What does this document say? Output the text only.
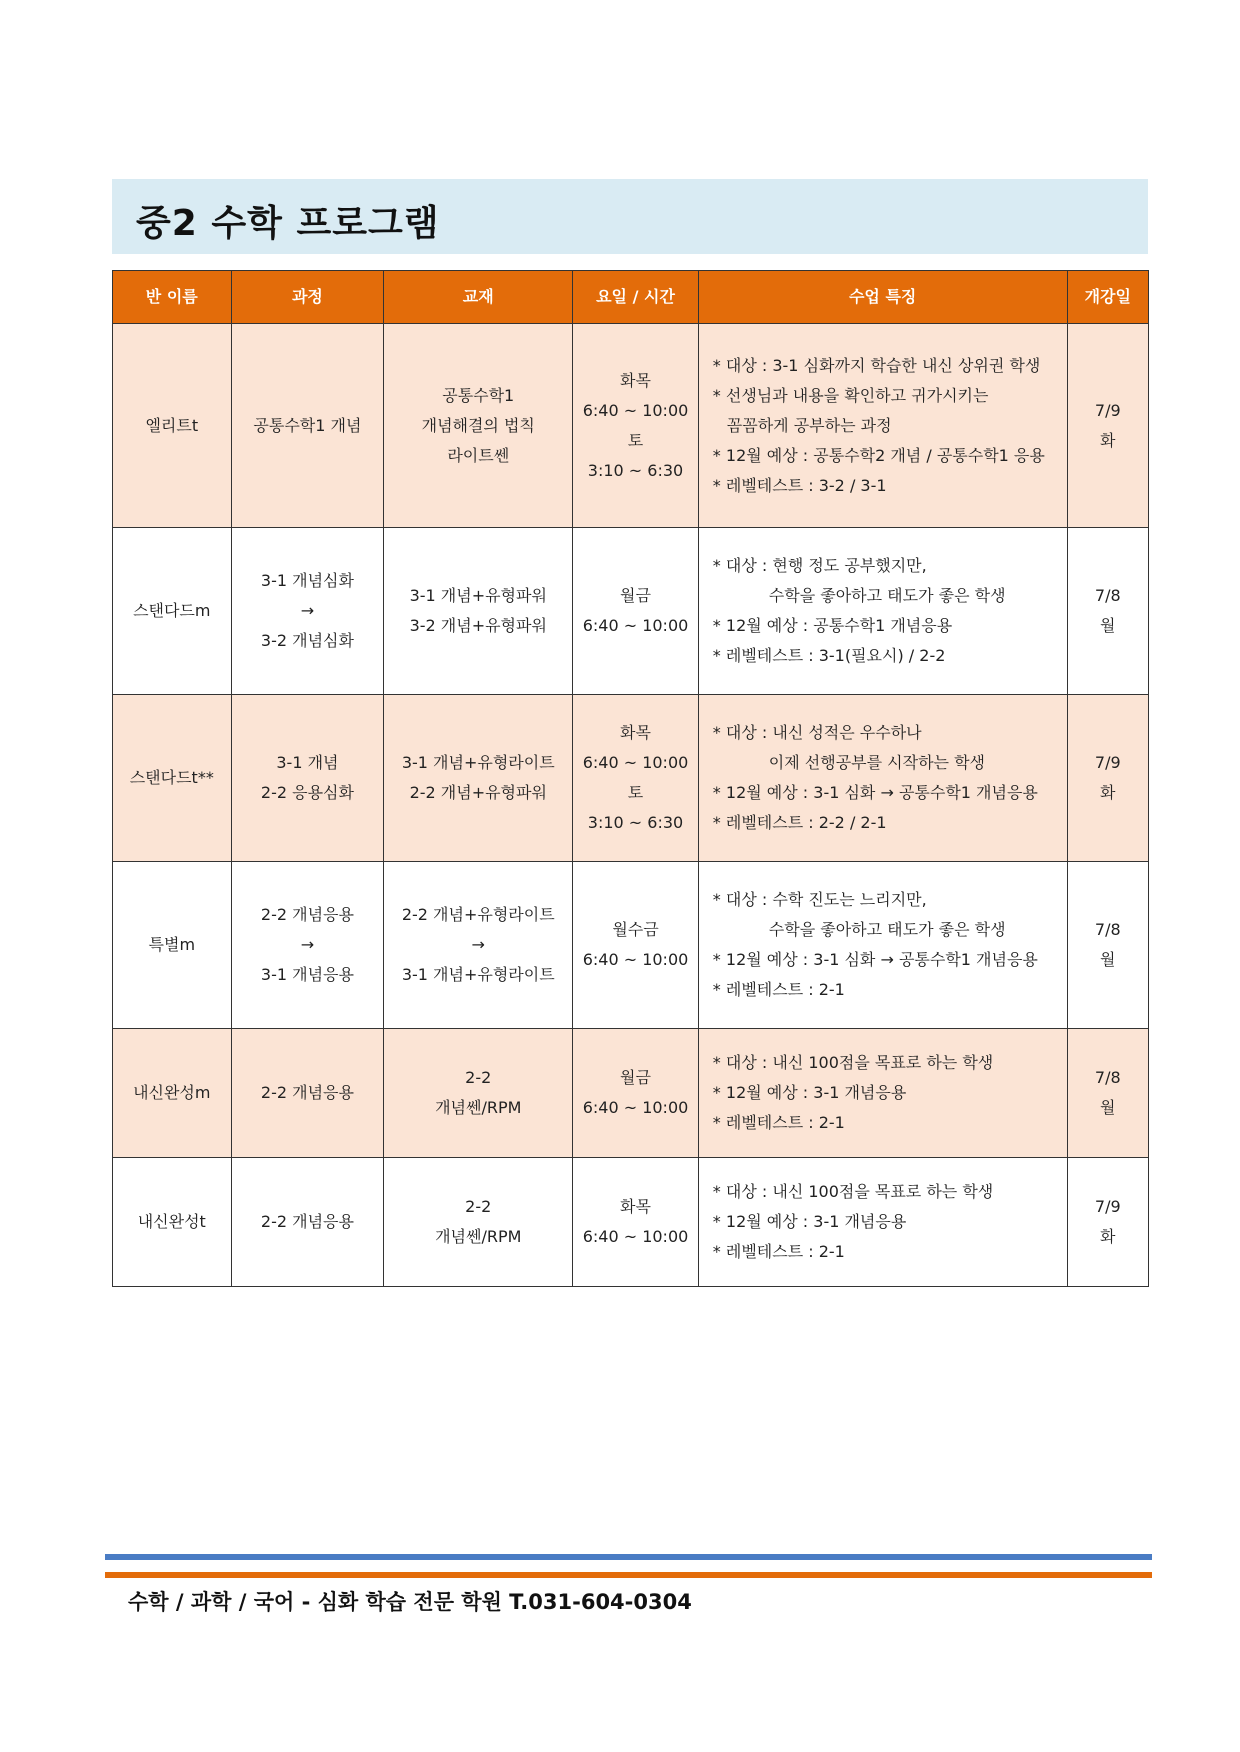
중2 수학 프로그램
반 이름	과정	교재	요일 / 시간	수업 특징	개강일

엘리트t	공통수학1 개념	공통수학1
개념해결의 법칙
라이트쎈	화목
6:40 ~ 10:00
토
3:10 ~ 6:30	* 대상 : 3-1 심화까지 학습한 내신 상위권 학생
* 선생님과 내용을 확인하고 귀가시키는
꼼꼼하게 공부하는 과정
* 12월 예상 : 공통수학2 개념 / 공통수학1 응용
* 레벨테스트 : 3-2 / 3-1	7/9
화

스탠다드m	3-1 개념심화
→
3-2 개념심화	3-1 개념+유형파워
3-2 개념+유형파워	월금
6:40 ~ 10:00	* 대상 : 현행 정도 공부했지만,
수학을 좋아하고 태도가 좋은 학생
* 12월 예상 : 공통수학1 개념응용
* 레벨테스트 : 3-1(필요시) / 2-2	7/8
월

스탠다드t**	3-1 개념
2-2 응용심화	3-1 개념+유형라이트
2-2 개념+유형파워	화목
6:40 ~ 10:00
토
3:10 ~ 6:30	* 대상 : 내신 성적은 우수하나
이제 선행공부를 시작하는 학생
* 12월 예상 : 3-1 심화 → 공통수학1 개념응용
* 레벨테스트 : 2-2 / 2-1	7/9
화

특별m	2-2 개념응용
→
3-1 개념응용	2-2 개념+유형라이트
→
3-1 개념+유형라이트	월수금
6:40 ~ 10:00	* 대상 : 수학 진도는 느리지만,
수학을 좋아하고 태도가 좋은 학생
* 12월 예상 : 3-1 심화 → 공통수학1 개념응용
* 레벨테스트 : 2-1	7/8
월

내신완성m	2-2 개념응용	2-2
개념쎈/RPM	월금
6:40 ~ 10:00	* 대상 : 내신 100점을 목표로 하는 학생
* 12월 예상 : 3-1 개념응용
* 레벨테스트 : 2-1	7/8
월

내신완성t	2-2 개념응용	2-2
개념쎈/RPM	화목
6:40 ~ 10:00	* 대상 : 내신 100점을 목표로 하는 학생
* 12월 예상 : 3-1 개념응용
* 레벨테스트 : 2-1	7/9
화
수학 / 과학 / 국어 - 심화 학습 전문 학원 T.031-604-0304
